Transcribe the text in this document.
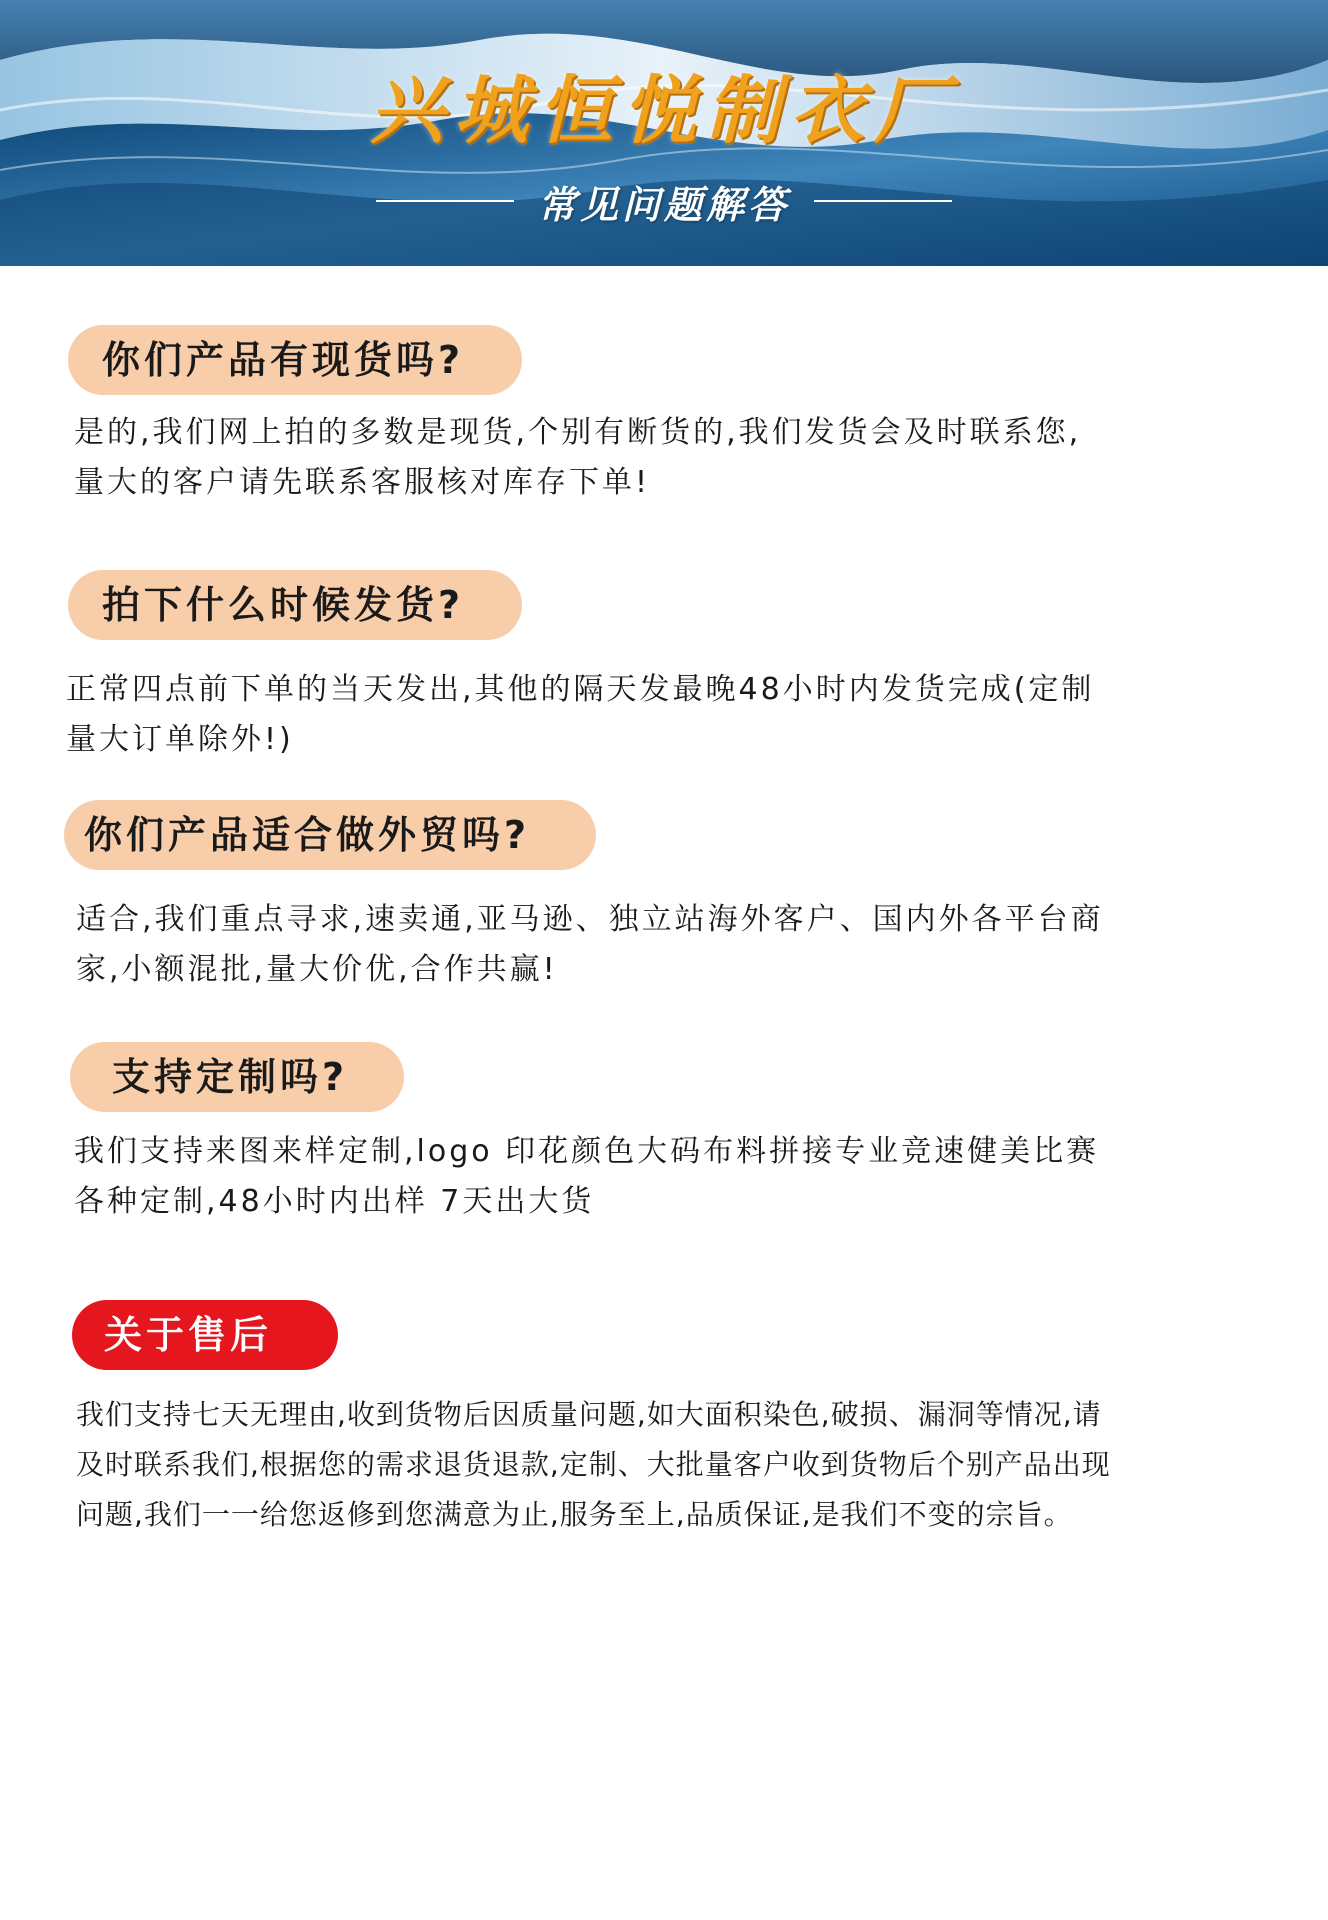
兴城恒悦制衣厂
常见问题解答
你们产品有现货吗?
是的,我们网上拍的多数是现货,个别有断货的,我们发货会及时联系您,
量大的客户请先联系客服核对库存下单!
拍下什么时候发货?
正常四点前下单的当天发出,其他的隔天发最晚48小时内发货完成(定制
量大订单除外!)
你们产品适合做外贸吗?
适合,我们重点寻求,速卖通,亚马逊、独立站海外客户、国内外各平台商
家,小额混批,量大价优,合作共赢!
支持定制吗?
我们支持来图来样定制,logo 印花颜色大码布料拼接专业竞速健美比赛
各种定制,48小时内出样 7天出大货
关于售后
我们支持七天无理由,收到货物后因质量问题,如大面积染色,破损、漏洞等情况,请
及时联系我们,根据您的需求退货退款,定制、大批量客户收到货物后个别产品出现
问题,我们一一给您返修到您满意为止,服务至上,品质保证,是我们不变的宗旨。
